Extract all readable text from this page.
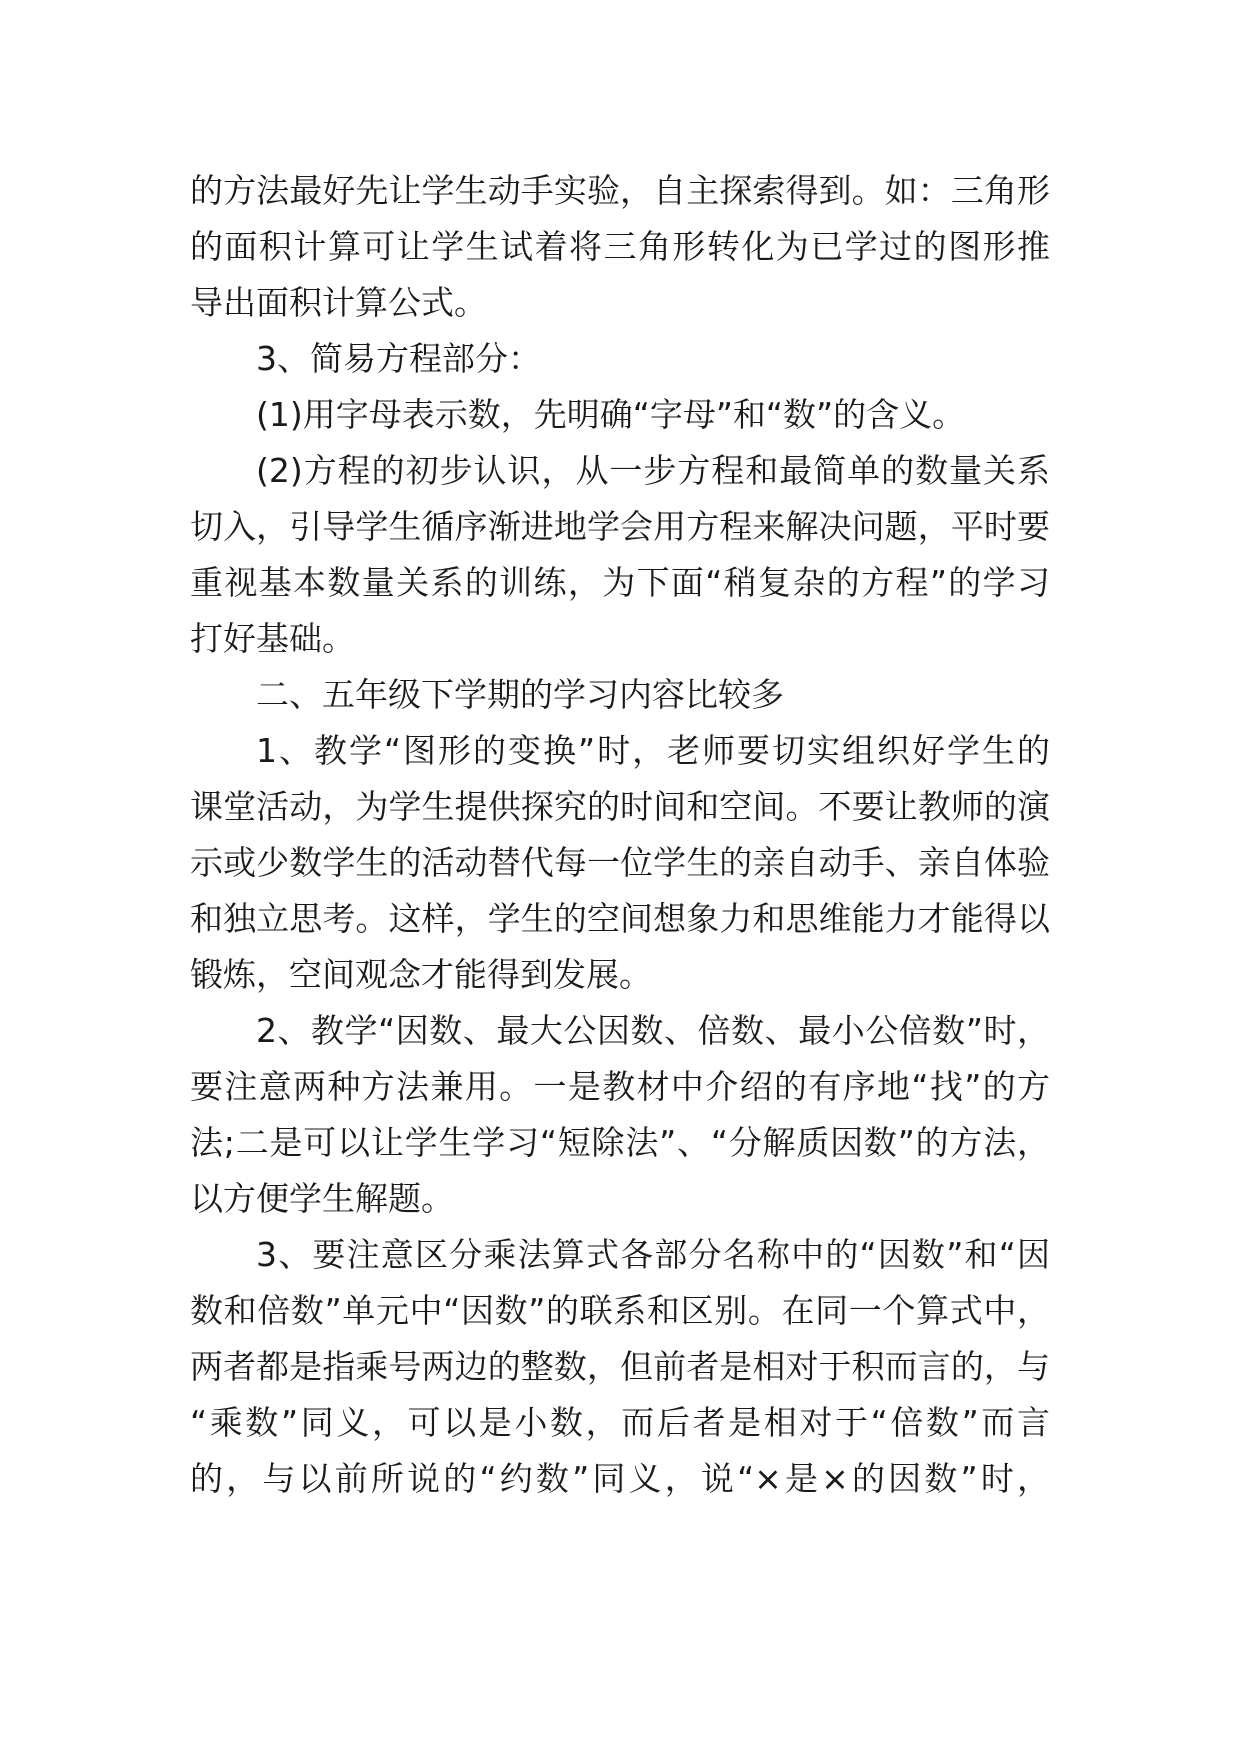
的方法最好先让学生动手实验，自主探索得到。如：三角形
的面积计算可让学生试着将三角形转化为已学过的图形推
导出面积计算公式。
3、简易方程部分：
(1)用字母表示数，先明确“字母”和“数”的含义。
(2)方程的初步认识，从一步方程和最简单的数量关系
切入，引导学生循序渐进地学会用方程来解决问题，平时要
重视基本数量关系的训练，为下面“稍复杂的方程”的学习
打好基础。
二、五年级下学期的学习内容比较多
1、教学“图形的变换”时，老师要切实组织好学生的
课堂活动，为学生提供探究的时间和空间。不要让教师的演
示或少数学生的活动替代每一位学生的亲自动手、亲自体验
和独立思考。这样，学生的空间想象力和思维能力才能得以
锻炼，空间观念才能得到发展。
2、教学“因数、最大公因数、倍数、最小公倍数”时，
要注意两种方法兼用。一是教材中介绍的有序地“找”的方
法;二是可以让学生学习“短除法”、“分解质因数”的方法，
以方便学生解题。
3、要注意区分乘法算式各部分名称中的“因数”和“因
数和倍数”单元中“因数”的联系和区别。在同一个算式中，
两者都是指乘号两边的整数，但前者是相对于积而言的，与
“乘数”同义，可以是小数，而后者是相对于“倍数”而言
的，与以前所说的“约数”同义，说“×是×的因数”时，
